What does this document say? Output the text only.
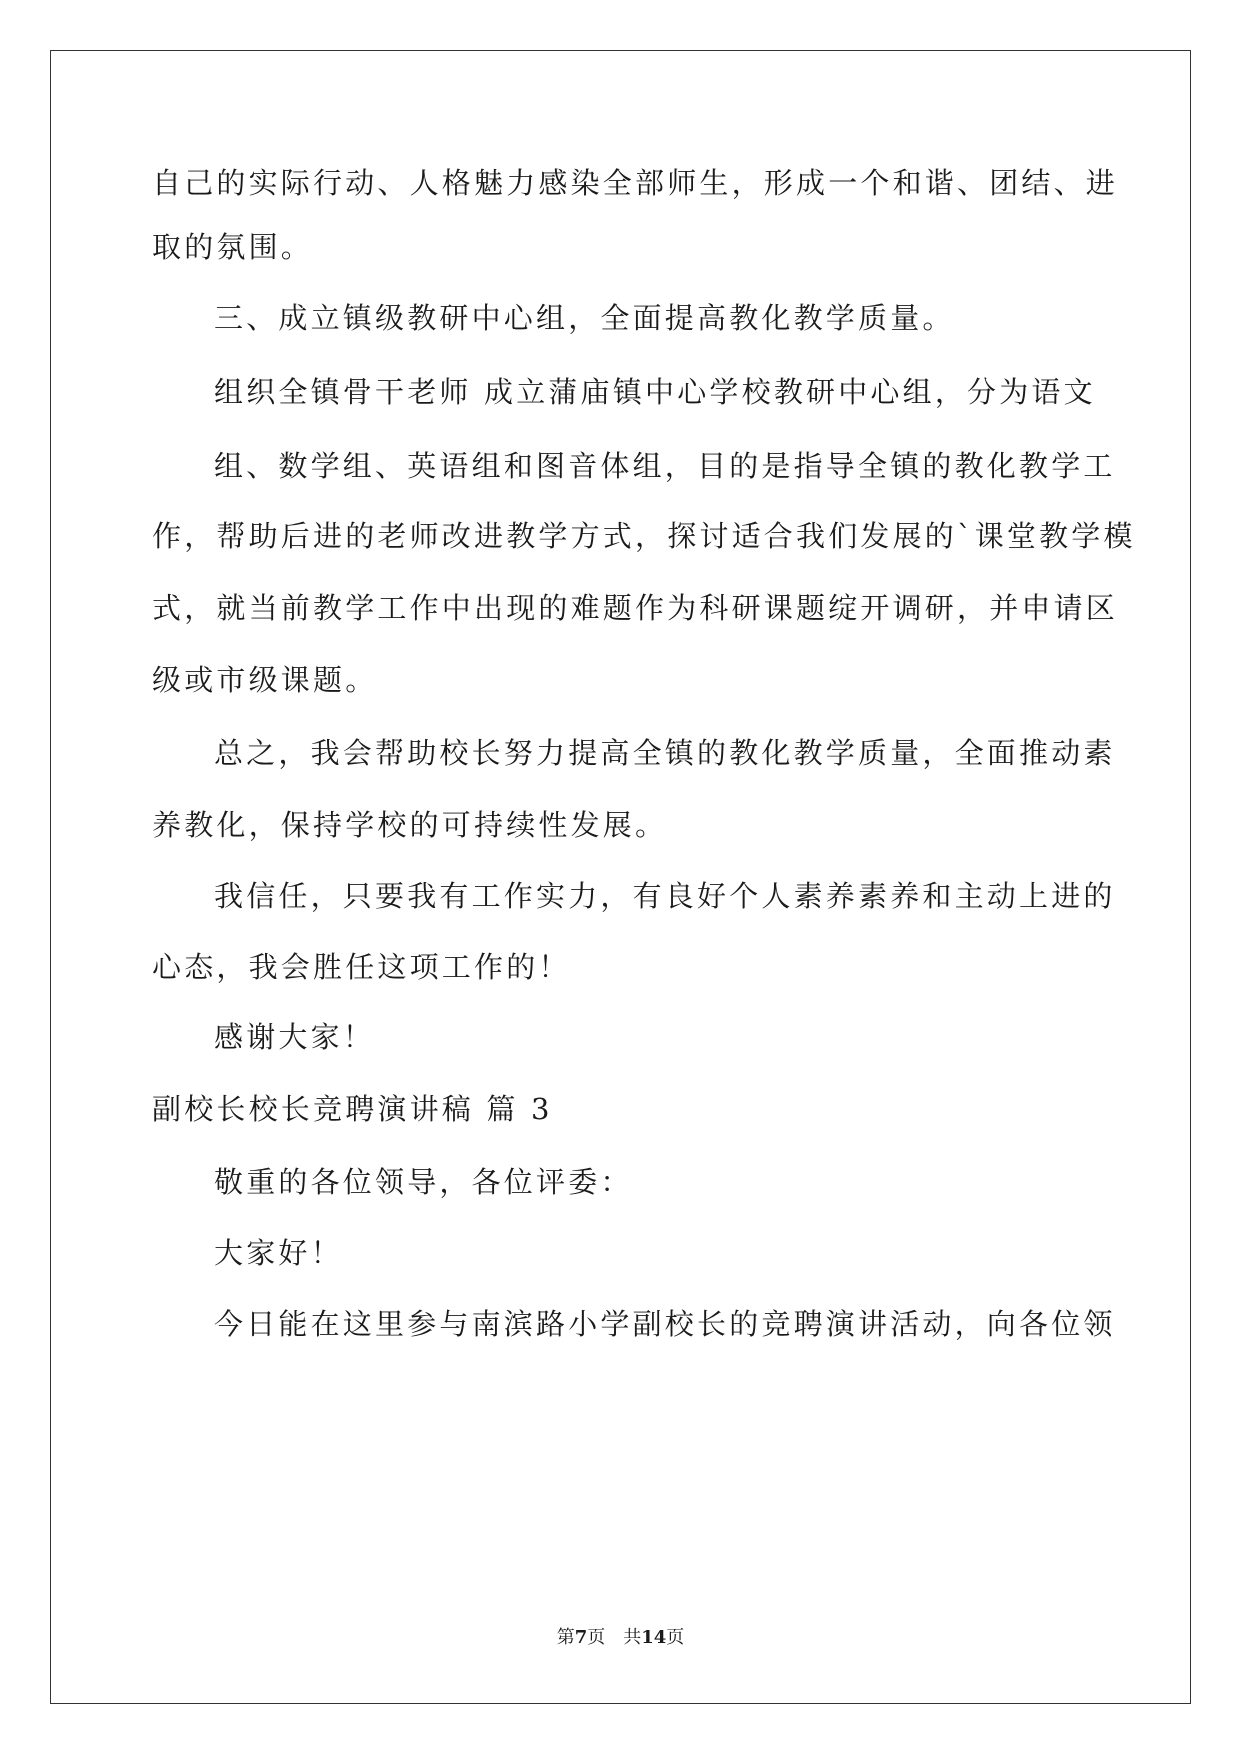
自己的实际行动、人格魅力感染全部师生，形成一个和谐、团结、进
取的氛围。
三、成立镇级教研中心组，全面提高教化教学质量。
组织全镇骨干老师 成立蒲庙镇中心学校教研中心组，分为语文
组、数学组、英语组和图音体组，目的是指导全镇的教化教学工
作，帮助后进的老师改进教学方式，探讨适合我们发展的`课堂教学模
式，就当前教学工作中出现的难题作为科研课题绽开调研，并申请区
级或市级课题。
总之，我会帮助校长努力提高全镇的教化教学质量，全面推动素
养教化，保持学校的可持续性发展。
我信任，只要我有工作实力，有良好个人素养素养和主动上进的
心态，我会胜任这项工作的！
感谢大家！
副校长校长竞聘演讲稿 篇 3
敬重的各位领导，各位评委：
大家好！
今日能在这里参与南滨路小学副校长的竞聘演讲活动，向各位领
第7页 共14页
